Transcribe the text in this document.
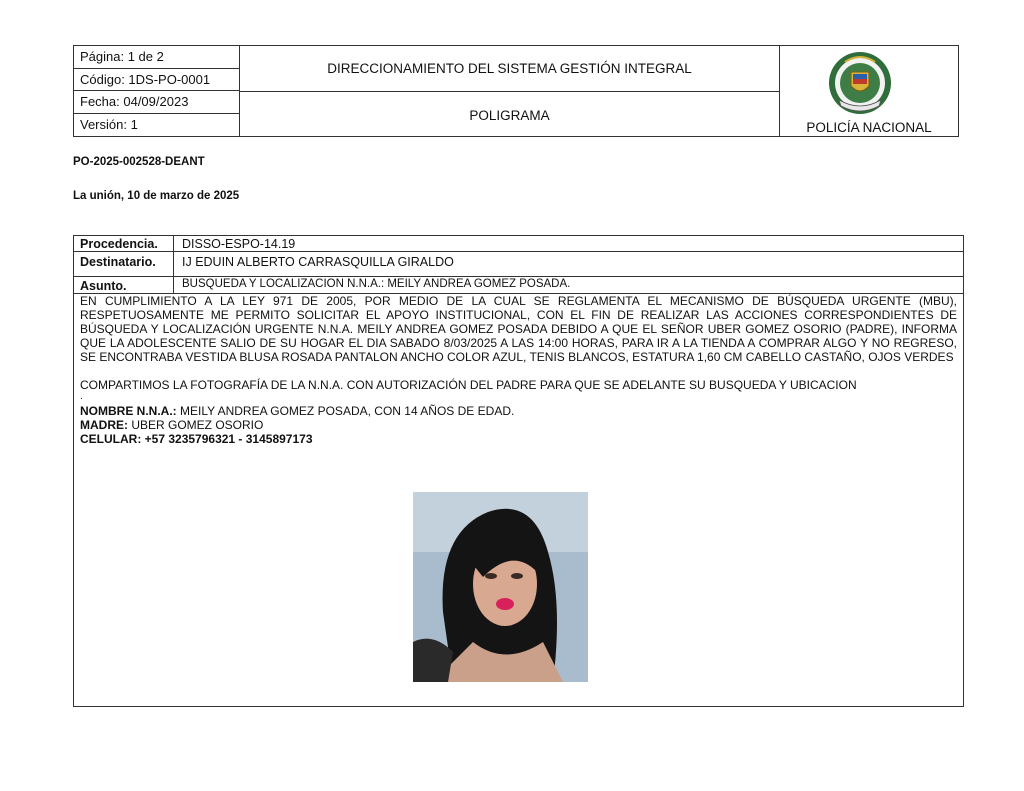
Página: 1 de 2
Código: 1DS-PO-0001
Fecha: 04/09/2023
Versión: 1
DIRECCIONAMIENTO DEL SISTEMA GESTIÓN INTEGRAL
POLIGRAMA
POLICÍA NACIONAL
PO-2025-002528-DEANT
La unión, 10 de marzo de 2025
Procedencia.	DISSO-ESPO-14.19
Destinatario.	IJ EDUIN ALBERTO CARRASQUILLA GIRALDO
Asunto.	BUSQUEDA Y LOCALIZACION N.N.A.: MEILY ANDREA GOMEZ POSADA.
EN CUMPLIMIENTO A LA LEY 971 DE 2005, POR MEDIO DE LA CUAL SE REGLAMENTA EL MECANISMO DE BÚSQUEDA URGENTE (MBU), RESPETUOSAMENTE ME PERMITO SOLICITAR EL APOYO INSTITUCIONAL, CON EL FIN DE REALIZAR LAS ACCIONES CORRESPONDIENTES DE BÚSQUEDA Y LOCALIZACIÓN URGENTE N.N.A. MEILY ANDREA GOMEZ POSADA DEBIDO A QUE EL SEÑOR UBER GOMEZ OSORIO (PADRE), INFORMA QUE LA ADOLESCENTE SALIO DE SU HOGAR EL DIA SABADO 8/03/2025 A LAS 14:00 HORAS, PARA IR A LA TIENDA A COMPRAR ALGO Y NO REGRESO, SE ENCONTRABA VESTIDA BLUSA ROSADA PANTALON ANCHO COLOR AZUL, TENIS BLANCOS, ESTATURA 1,60 CM CABELLO CASTAÑO, OJOS VERDES
COMPARTIMOS LA FOTOGRAFÍA DE LA N.N.A. CON AUTORIZACIÓN DEL PADRE PARA QUE SE ADELANTE SU BUSQUEDA Y UBICACION
.
NOMBRE N.N.A.: MEILY ANDREA GOMEZ POSADA, CON 14 AÑOS DE EDAD.
MADRE: UBER GOMEZ OSORIO
CELULAR: +57 3235796321 - 3145897173
